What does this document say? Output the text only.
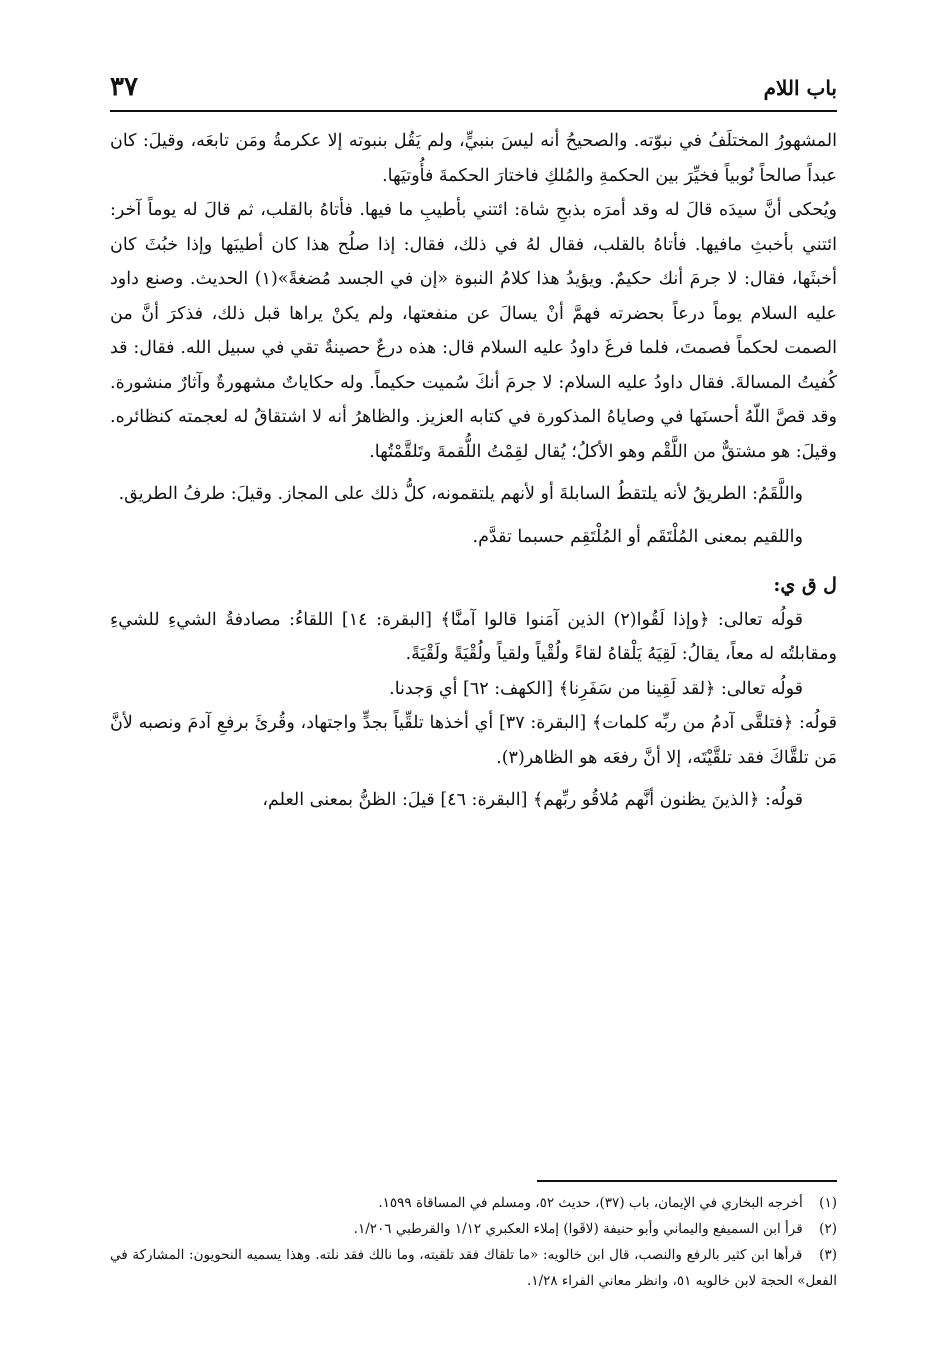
٣٧	باب اللام

المشهورُ المختلَفُ في نبوّته. والصحيحُ أنه ليسَ بنبيٍّ، ولم يَقُل بنبوته إلا عكرمةُ ومَن تابعَه، وقيلَ: كان عبداً صالحاً نُوبياً فخيِّرَ بين الحكمةِ والمُلكِ فاختارَ الحكمةَ فأُوتيَها.

ويُحكى أنَّ سيدَه قالَ له وقد أمرَه بذبحِ شاة: ائتني بأطيبِ ما فيها. فأتاهُ بالقلب، ثم قالَ له يوماً آخر: ائتني بأخبثِ مافيها. فأتاهُ بالقلب، فقال لهُ في ذلك، فقال: إذا صلُح هذا كان أطيبَها وإذا خبُثَ كان أخبثَها، فقال: لا جرمَ أنك حكيمٌ. ويؤيدُ هذا كلامُ النبوة «إن في الجسد مُضغةً»(١) الحديث. وصنع داود عليه السلام يوماً درعاً بحضرته فهمَّ أنْ يسالَ عن منفعتها، ولم يكنْ يراها قبل ذلك، فذكرَ أنَّ من الصمت لحكماً فصمتَ، فلما فرغَ داودُ عليه السلام قال: هذه درعٌ حصينةٌ تقي في سبيل الله. فقال: قد كُفيتُ المسالةَ. فقال داودُ عليه السلام: لا جرمَ أنكَ سُميت حكيماً. وله حكاياتٌ مشهورةٌ وآثارٌ منشورة. وقد قصَّ اللّهُ أحسنَها في وصاياهُ المذكورة في كتابه العزيز. والظاهرُ أنه لا اشتقاقُ له لعجمته كنظائره. وقيلَ: هو مشتقٌّ من اللَّقْم وهو الأكلُ؛ يُقال لقِمْتُ اللُّقمةَ وتَلقَّمْتُها.

واللَّقَمُ: الطريقُ لأنه يلتقطُ السابلةَ أو لأنهم يلتقمونه، كلُّ ذلك على المجاز. وقيلَ: طرفُ الطريق.

واللقيم بمعنى المُلْتَقَم أو المُلْتَقِم حسبما تقدَّم.

ل ق ي:

قولُه تعالى: ﴿وإذا لَقُوا(٢) الذين آمَنوا قالوا آمنَّا﴾ [البقرة: ١٤] اللقاءُ: مصادفةُ الشيءِ للشيءِ ومقابلتُه له معاً، يقالُ: لَقِيَهُ يَلْقاهُ لقاءً ولُقْياً ولقياً ولُقْيَةً ولَقْيَةً.

قولُه تعالى: ﴿لقد لَقِينا من سَفَرِنا﴾ [الكهف: ٦٢] أي وَجدنا.

قولُه: ﴿فتلقَّى آدمُ من ربِّه كلمات﴾ [البقرة: ٣٧] أي أخذها تلقِّياً بجدٍّ واجتهاد، وقُرئَ برفعِ آدمَ ونصبه لأنَّ مَن تلقَّاكَ فقد تلقَّيْتَه، إلا أنَّ رفعَه هو الظاهر(٣).

قولُه: ﴿الذينَ يظنون أنَّهم مُلاقُو ربِّهم﴾ [البقرة: ٤٦] قيلَ: الظنُّ بمعنى العلم،

(١) أخرجه البخاري في الإيمان، باب (٣٧)، حديث ٥٢، ومسلم في المساقاة ١٥٩٩.

(٢) قرأ ابن السميفع واليماني وأبو حنيفة (لاقَوا) إملاء العكبري ١/١٢ والقرطبي ١/٢٠٦.

(٣) قرأها ابن كثير بالرفع والنصب، قال ابن خالويه: «ما تلقاك فقد تلقيته، وما نالك فقد نلته. وهذا يسميه النحويون: المشاركة في الفعل» الحجة لابن خالويه ٥١، وانظر معاني الفراء ١/٢٨.
